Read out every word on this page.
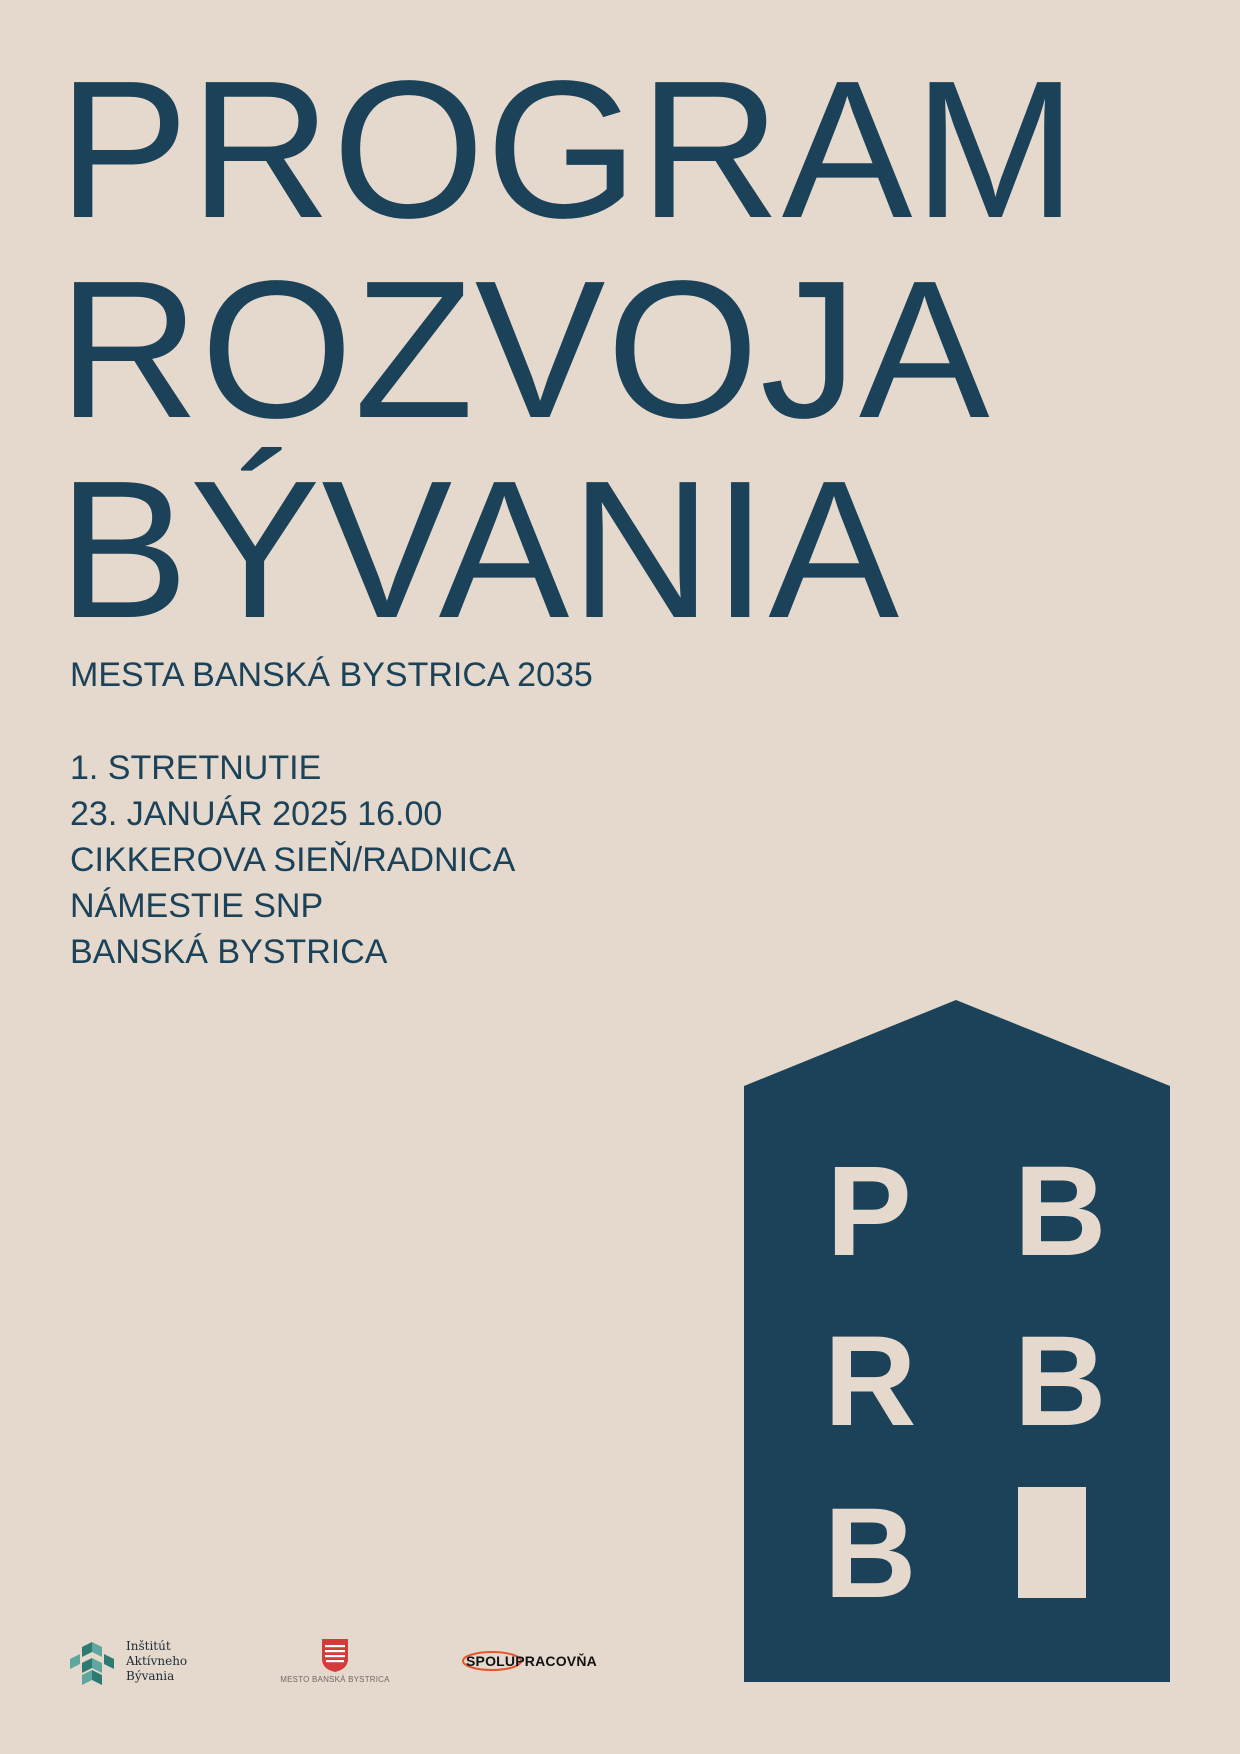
PROGRAM
ROZVOJA
BÝVANIA
MESTA BANSKÁ BYSTRICA 2035
1. STRETNUTIE
23. JANUÁR 2025 16.00
CIKKEROVA SIEŇ/RADNICA
NÁMESTIE SNP
BANSKÁ BYSTRICA
P B
R B
B
Inštitút
Aktívneho
Bývania	MESTO BANSKÁ BYSTRICA
SPOLUPRACOVŇA
